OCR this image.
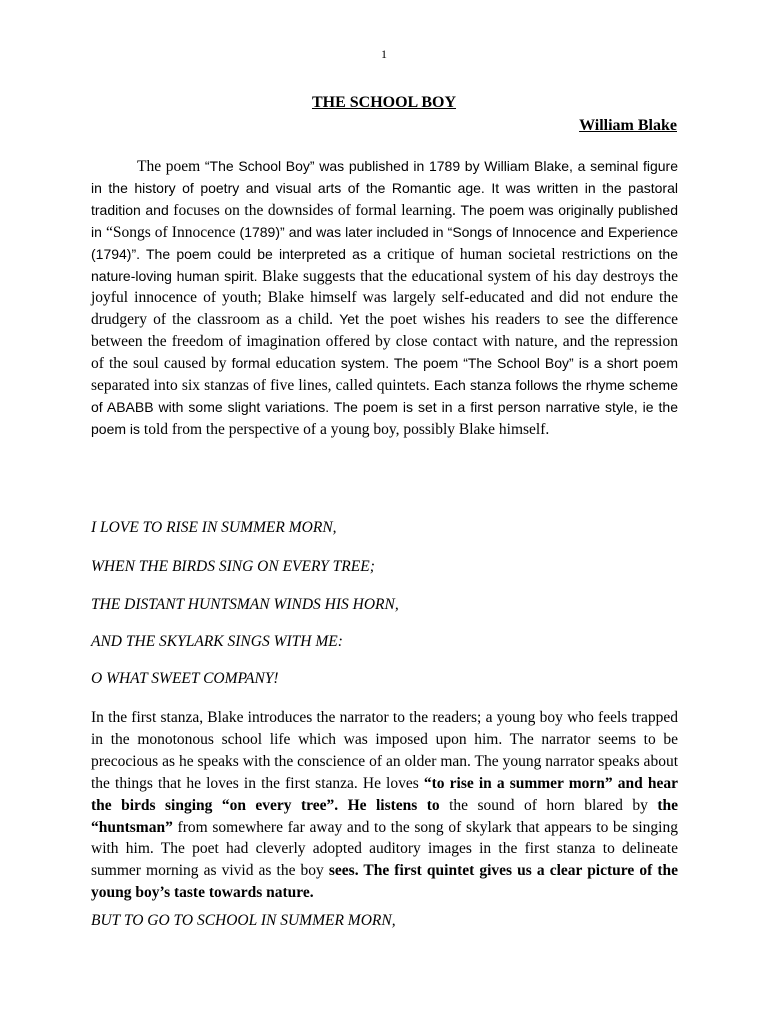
1
THE SCHOOL BOY
William Blake

The poem “The School Boy” was published in 1789 by William Blake, a seminal figure in the history of poetry and visual arts of the Romantic age. It was written in the pastoral tradition and focuses on the downsides of formal learning. The poem was originally published in “Songs of Innocence (1789)” and was later included in “Songs of Innocence and Experience (1794)”. The poem could be interpreted as a critique of human societal restrictions on the nature-loving human spirit. Blake suggests that the educational system of his day destroys the joyful innocence of youth; Blake himself was largely self-educated and did not endure the drudgery of the classroom as a child. Yet the poet wishes his readers to see the difference between the freedom of imagination offered by close contact with nature, and the repression of the soul caused by formal education system. The poem “The School Boy” is a short poem separated into six stanzas of five lines, called quintets. Each stanza follows the rhyme scheme of ABABB with some slight variations. The poem is set in a first person narrative style, ie the poem is told from the perspective of a young boy, possibly Blake himself.

I LOVE TO RISE IN SUMMER MORN,

WHEN THE BIRDS SING ON EVERY TREE;

THE DISTANT HUNTSMAN WINDS HIS HORN,

AND THE SKYLARK SINGS WITH ME:

O WHAT SWEET COMPANY!

In the first stanza, Blake introduces the narrator to the readers; a young boy who feels trapped in the monotonous school life which was imposed upon him. The narrator seems to be precocious as he speaks with the conscience of an older man. The young narrator speaks about the things that he loves in the first stanza. He loves “to rise in a summer morn” and hear the birds singing “on every tree”. He listens to the sound of horn blared by the “huntsman” from somewhere far away and to the song of skylark that appears to be singing with him. The poet had cleverly adopted auditory images in the first stanza to delineate summer morning as vivid as the boy sees. The first quintet gives us a clear picture of the young boy’s taste towards nature.

BUT TO GO TO SCHOOL IN SUMMER MORN,
